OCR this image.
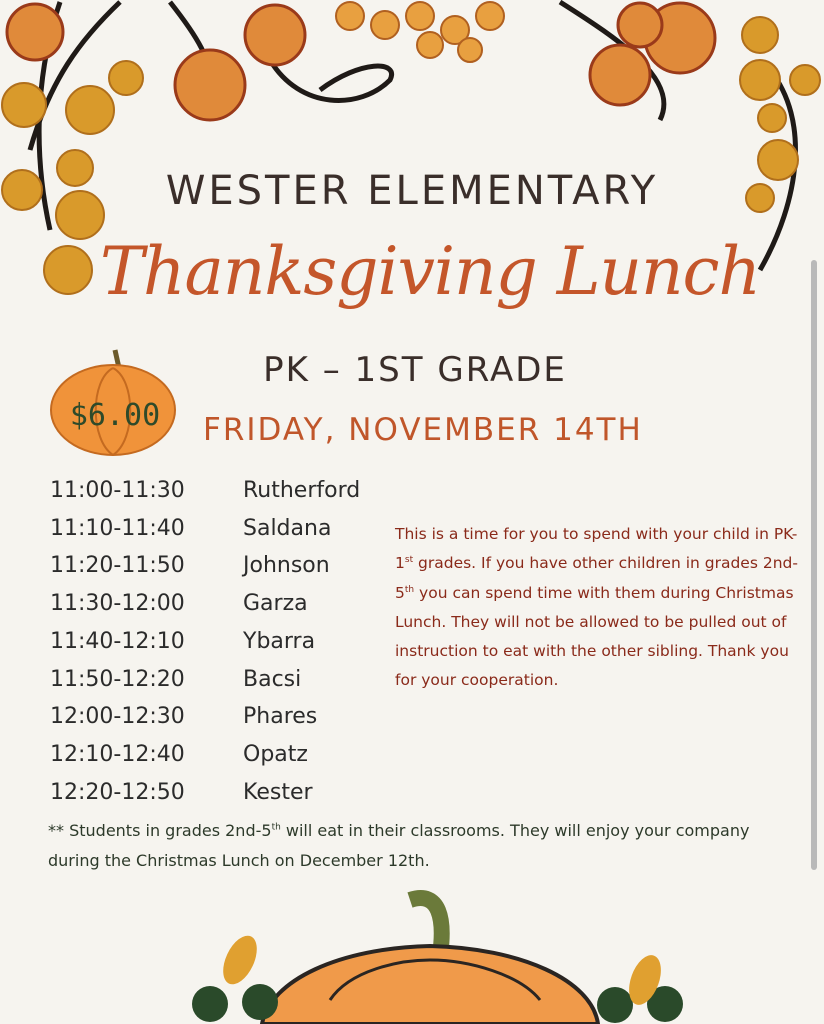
WESTER ELEMENTARY
Thanksgiving Lunch
PK – 1ST GRADE
$6.00	FRIDAY, NOVEMBER 14TH
11:00-11:30	Rutherford
11:10-11:40	Saldana
11:20-11:50	Johnson
11:30-12:00	Garza
11:40-12:10	Ybarra
11:50-12:20	Bacsi
12:00-12:30	Phares
12:10-12:40	Opatz
12:20-12:50	Kester
This is a time for you to spend with your child in PK-1st grades. If you have other children in grades 2nd-5th you can spend time with them during Christmas Lunch. They will not be allowed to be pulled out of instruction to eat with the other sibling. Thank you for your cooperation.
** Students in grades 2nd-5th will eat in their classrooms. They will enjoy your company during the Christmas Lunch on December 12th.
